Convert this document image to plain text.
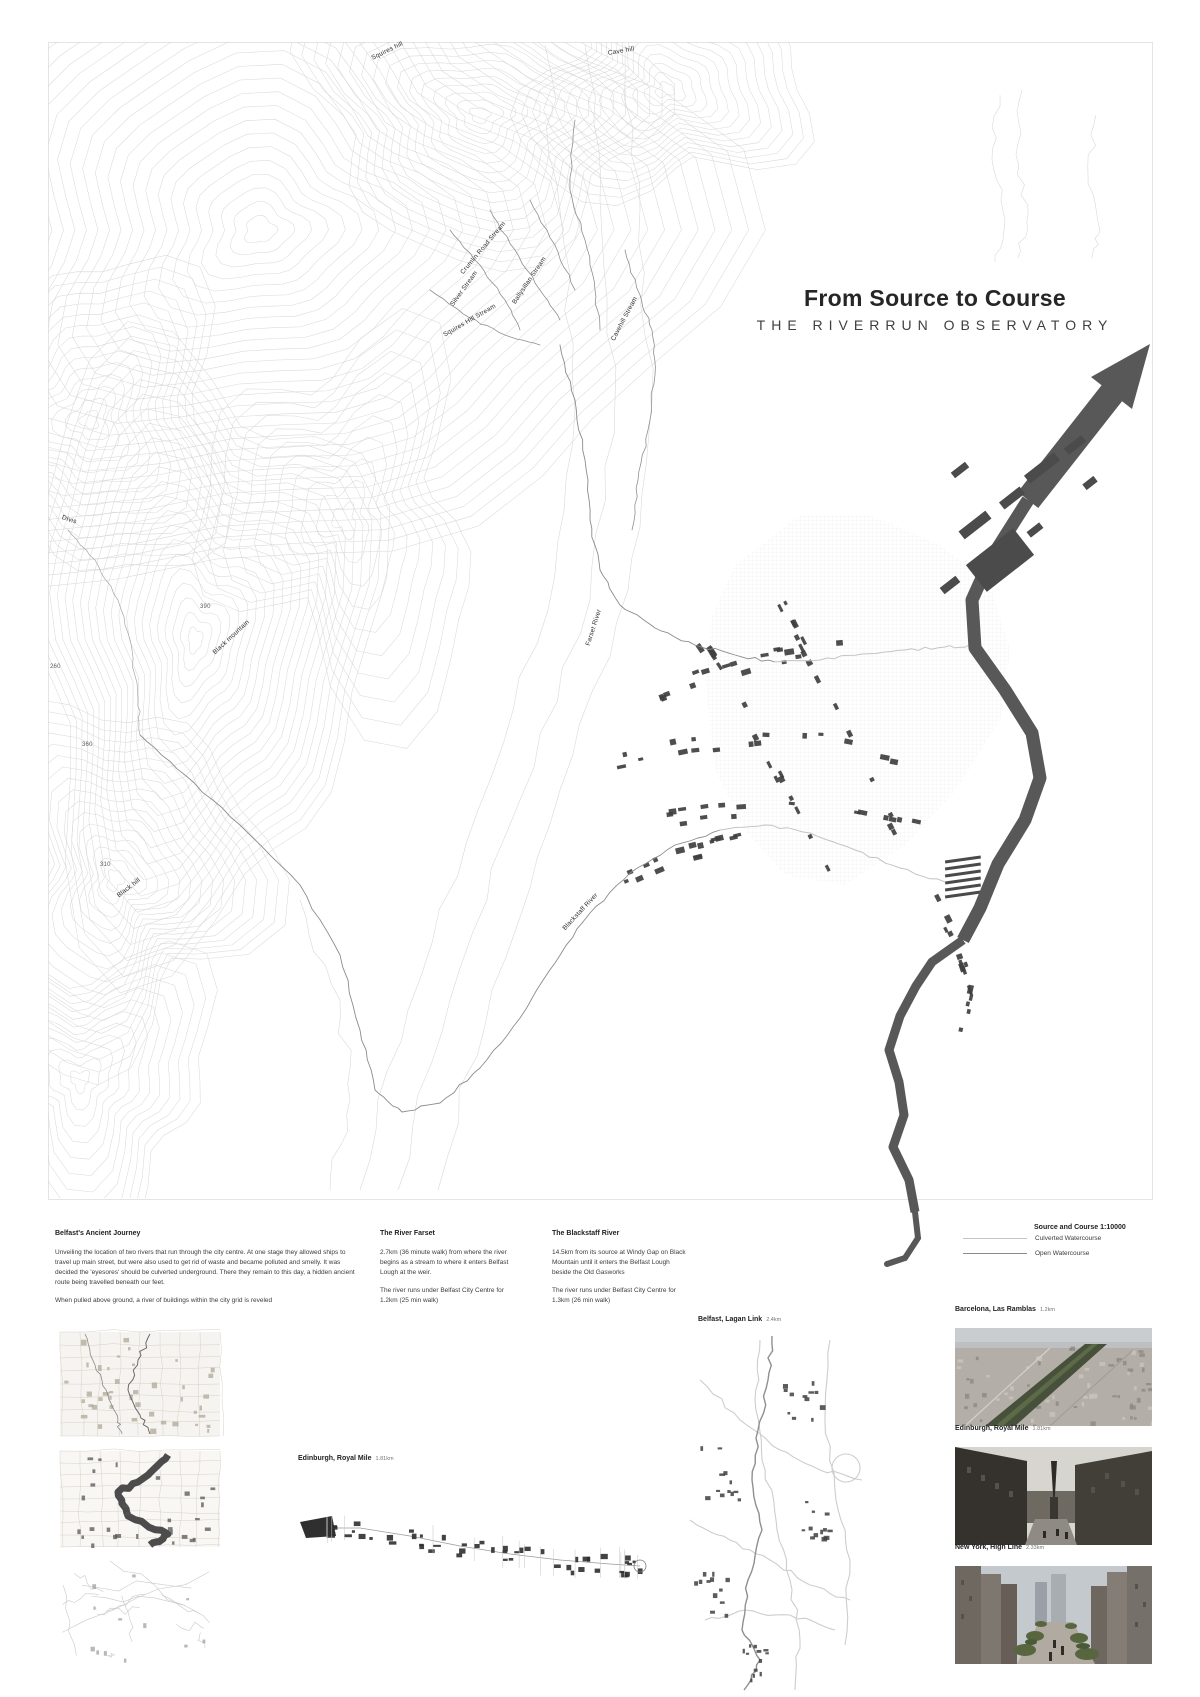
From Source to Course
THE RIVERRUN OBSERVATORY
Squires hill	Cave hill
Divis
390
Black mountain
260
360
310
Black hill
Crumlin Road Stream
Silver Stream	Ballysillan Stream
Squires Hill Stream	Cavehill Stream
Farset River
Blackstaff River
Belfast's Ancient Journey

Unveiling the location of two rivers that run through the city centre. At one stage they allowed ships to travel up main street, but were also used to get rid of waste and became polluted and smelly. It was decided the 'eyesores' should be culverted underground. There they remain to this day, a hidden ancient route being travelled beneath our feet.

When pulled above ground, a river of buildings within the city grid is reveled

The River Farset

2.7km (36 minute walk) from where the river begins as a stream to where it enters Belfast Lough at the weir.

The river runs under Belfast City Centre for 1.2km (25 min walk)

The Blackstaff River

14.5km from its source at Windy Gap on Black Mountain until it enters the Belfast Lough beside the Old Gasworks

The river runs under Belfast City Centre for 1.3km (26 min walk)

Source and Course 1:10000
Culverted Watercourse
Open Watercourse
Belfast, Lagan Link 2.4km
Edinburgh, Royal Mile 1.81km
Barcelona, Las Ramblas 1.2km
Edinburgh, Royal Mile 1.81km
New York, High Line 2.33km
